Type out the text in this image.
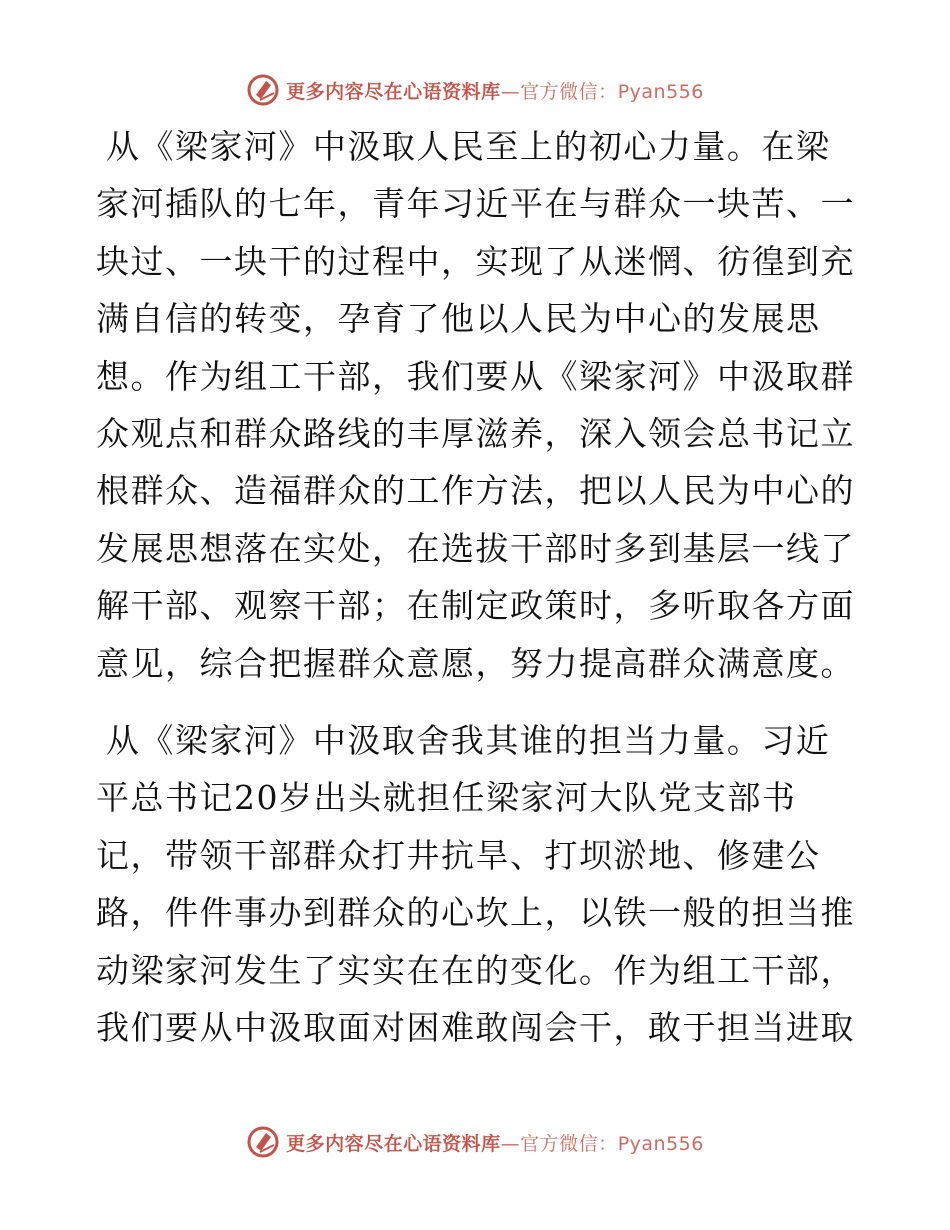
更多内容尽在心语资料库—官方微信：Pyan556

从《梁家河》中汲取人民至上的初心力量。在梁家河插队的七年，青年习近平在与群众一块苦、一块过、一块干的过程中，实现了从迷惘、彷徨到充满自信的转变，孕育了他以人民为中心的发展思想。作为组工干部，我们要从《梁家河》中汲取群众观点和群众路线的丰厚滋养，深入领会总书记立根群众、造福群众的工作方法，把以人民为中心的发展思想落在实处，在选拔干部时多到基层一线了解干部、观察干部；在制定政策时，多听取各方面意见，综合把握群众意愿，努力提高群众满意度。

从《梁家河》中汲取舍我其谁的担当力量。习近平总书记20岁出头就担任梁家河大队党支部书记，带领干部群众打井抗旱、打坝淤地、修建公路，件件事办到群众的心坎上，以铁一般的担当推动梁家河发生了实实在在的变化。作为组工干部，我们要从中汲取面对困难敢闯会干，敢于担当进取

更多内容尽在心语资料库—官方微信：Pyan556
